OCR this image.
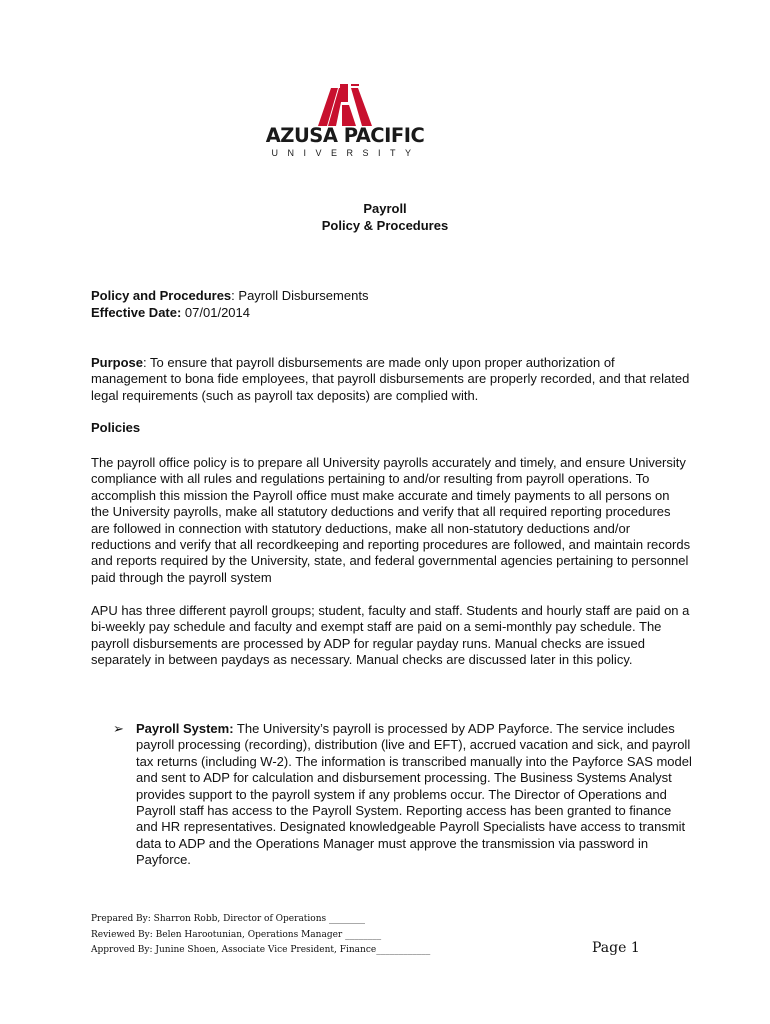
AZUSA PACIFIC
UNIVERSITY
Payroll
Policy & Procedures
Policy and Procedures: Payroll Disbursements
Effective Date: 07/01/2014
Purpose: To ensure that payroll disbursements are made only upon proper authorization of management to bona fide employees, that payroll disbursements are properly recorded, and that related legal requirements (such as payroll tax deposits) are complied with.
Policies
The payroll office policy is to prepare all University payrolls accurately and timely, and ensure University compliance with all rules and regulations pertaining to and/or resulting from payroll operations. To accomplish this mission the Payroll office must make accurate and timely payments to all persons on the University payrolls, make all statutory deductions and verify that all required reporting procedures are followed in connection with statutory deductions, make all non-statutory deductions and/or reductions and verify that all recordkeeping and reporting procedures are followed, and maintain records and reports required by the University, state, and federal governmental agencies pertaining to personnel paid through the payroll system
APU has three different payroll groups; student, faculty and staff. Students and hourly staff are paid on a bi-weekly pay schedule and faculty and exempt staff are paid on a semi-monthly pay schedule. The payroll disbursements are processed by ADP for regular payday runs. Manual checks are issued separately in between paydays as necessary. Manual checks are discussed later in this policy.
➢ Payroll System: The University’s payroll is processed by ADP Payforce. The service includes payroll processing (recording), distribution (live and EFT), accrued vacation and sick, and payroll tax returns (including W-2). The information is transcribed manually into the Payforce SAS model and sent to ADP for calculation and disbursement processing. The Business Systems Analyst provides support to the payroll system if any problems occur. The Director of Operations and Payroll staff has access to the Payroll System. Reporting access has been granted to finance and HR representatives. Designated knowledgeable Payroll Specialists have access to transmit data to ADP and the Operations Manager must approve the transmission via password in Payforce.
Prepared By: Sharron Robb, Director of Operations ________
Reviewed By: Belen Harootunian, Operations Manager ________
Approved By: Junine Shoen, Associate Vice President, Finance____________	Page 1
